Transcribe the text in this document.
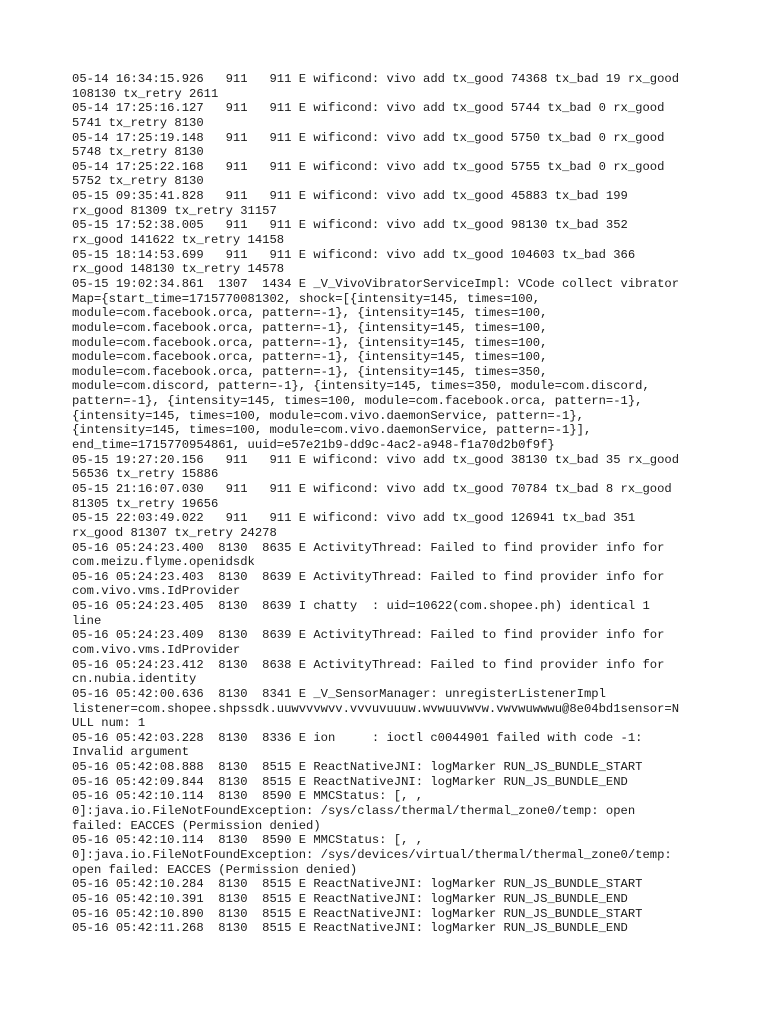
05-14 16:34:15.926   911   911 E wificond: vivo add tx_good 74368 tx_bad 19 rx_good
108130 tx_retry 2611
05-14 17:25:16.127   911   911 E wificond: vivo add tx_good 5744 tx_bad 0 rx_good
5741 tx_retry 8130
05-14 17:25:19.148   911   911 E wificond: vivo add tx_good 5750 tx_bad 0 rx_good
5748 tx_retry 8130
05-14 17:25:22.168   911   911 E wificond: vivo add tx_good 5755 tx_bad 0 rx_good
5752 tx_retry 8130
05-15 09:35:41.828   911   911 E wificond: vivo add tx_good 45883 tx_bad 199
rx_good 81309 tx_retry 31157
05-15 17:52:38.005   911   911 E wificond: vivo add tx_good 98130 tx_bad 352
rx_good 141622 tx_retry 14158
05-15 18:14:53.699   911   911 E wificond: vivo add tx_good 104603 tx_bad 366
rx_good 148130 tx_retry 14578
05-15 19:02:34.861  1307  1434 E _V_VivoVibratorServiceImpl: VCode collect vibrator
Map={start_time=1715770081302, shock=[{intensity=145, times=100,
module=com.facebook.orca, pattern=-1}, {intensity=145, times=100,
module=com.facebook.orca, pattern=-1}, {intensity=145, times=100,
module=com.facebook.orca, pattern=-1}, {intensity=145, times=100,
module=com.facebook.orca, pattern=-1}, {intensity=145, times=100,
module=com.facebook.orca, pattern=-1}, {intensity=145, times=350,
module=com.discord, pattern=-1}, {intensity=145, times=350, module=com.discord,
pattern=-1}, {intensity=145, times=100, module=com.facebook.orca, pattern=-1},
{intensity=145, times=100, module=com.vivo.daemonService, pattern=-1},
{intensity=145, times=100, module=com.vivo.daemonService, pattern=-1}],
end_time=1715770954861, uuid=e57e21b9-dd9c-4ac2-a948-f1a70d2b0f9f}
05-15 19:27:20.156   911   911 E wificond: vivo add tx_good 38130 tx_bad 35 rx_good
56536 tx_retry 15886
05-15 21:16:07.030   911   911 E wificond: vivo add tx_good 70784 tx_bad 8 rx_good
81305 tx_retry 19656
05-15 22:03:49.022   911   911 E wificond: vivo add tx_good 126941 tx_bad 351
rx_good 81307 tx_retry 24278
05-16 05:24:23.400  8130  8635 E ActivityThread: Failed to find provider info for
com.meizu.flyme.openidsdk
05-16 05:24:23.403  8130  8639 E ActivityThread: Failed to find provider info for
com.vivo.vms.IdProvider
05-16 05:24:23.405  8130  8639 I chatty  : uid=10622(com.shopee.ph) identical 1
line
05-16 05:24:23.409  8130  8639 E ActivityThread: Failed to find provider info for
com.vivo.vms.IdProvider
05-16 05:24:23.412  8130  8638 E ActivityThread: Failed to find provider info for
cn.nubia.identity
05-16 05:42:00.636  8130  8341 E _V_SensorManager: unregisterListenerImpl
listener=com.shopee.shpssdk.uuwvvvwvv.vvvuvuuuw.wvwuuvwvw.vwvwuwwwu@8e04bd1sensor=N
ULL num: 1
05-16 05:42:03.228  8130  8336 E ion     : ioctl c0044901 failed with code -1:
Invalid argument
05-16 05:42:08.888  8130  8515 E ReactNativeJNI: logMarker RUN_JS_BUNDLE_START
05-16 05:42:09.844  8130  8515 E ReactNativeJNI: logMarker RUN_JS_BUNDLE_END
05-16 05:42:10.114  8130  8590 E MMCStatus: [, ,
0]:java.io.FileNotFoundException: /sys/class/thermal/thermal_zone0/temp: open
failed: EACCES (Permission denied)
05-16 05:42:10.114  8130  8590 E MMCStatus: [, ,
0]:java.io.FileNotFoundException: /sys/devices/virtual/thermal/thermal_zone0/temp:
open failed: EACCES (Permission denied)
05-16 05:42:10.284  8130  8515 E ReactNativeJNI: logMarker RUN_JS_BUNDLE_START
05-16 05:42:10.391  8130  8515 E ReactNativeJNI: logMarker RUN_JS_BUNDLE_END
05-16 05:42:10.890  8130  8515 E ReactNativeJNI: logMarker RUN_JS_BUNDLE_START
05-16 05:42:11.268  8130  8515 E ReactNativeJNI: logMarker RUN_JS_BUNDLE_END
